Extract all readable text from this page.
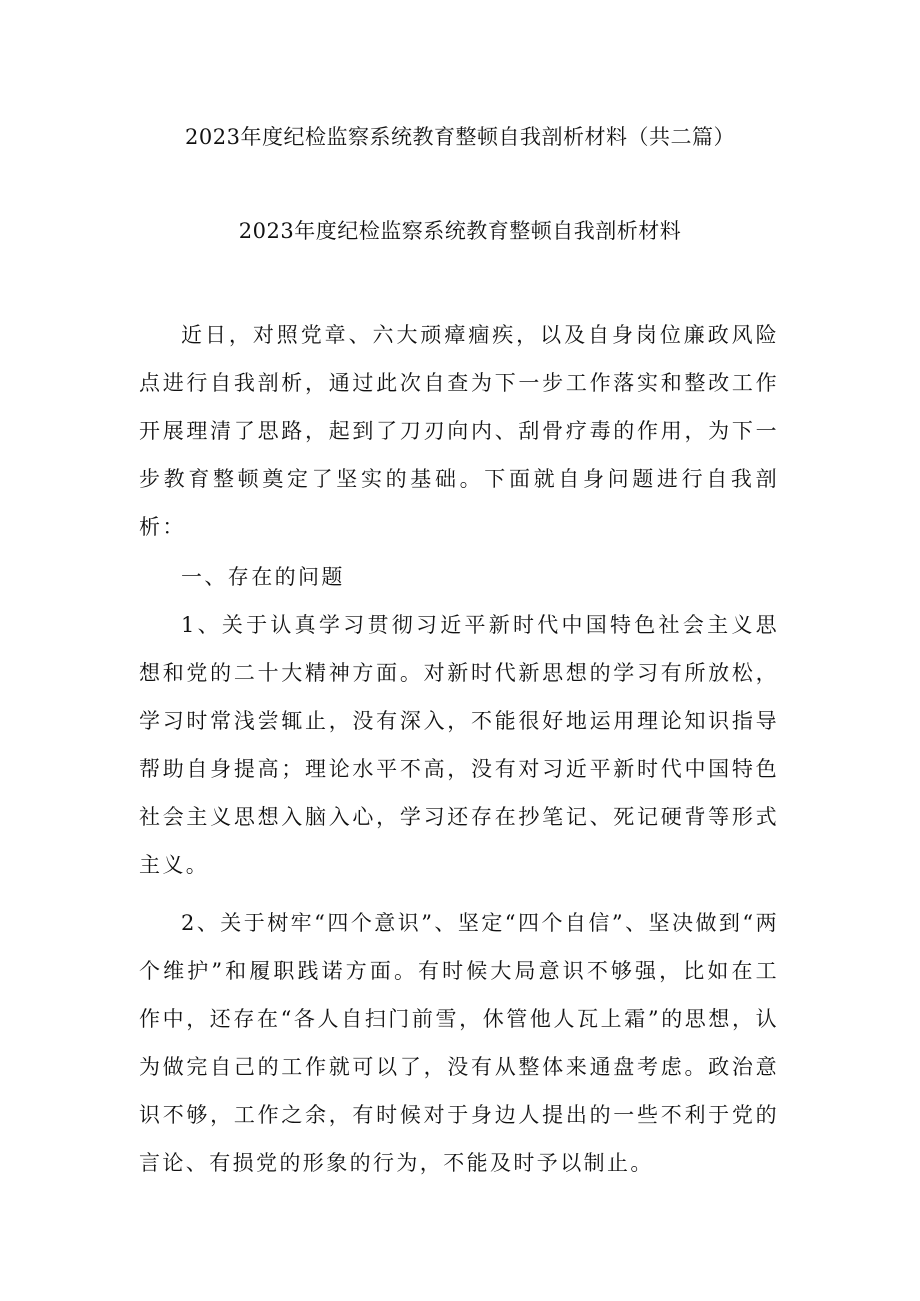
2023年度纪检监察系统教育整顿自我剖析材料（共二篇）
2023年度纪检监察系统教育整顿自我剖析材料

近日，对照党章、六大顽瘴痼疾，以及自身岗位廉政风险点进行自我剖析，通过此次自查为下一步工作落实和整改工作开展理清了思路，起到了刀刃向内、刮骨疗毒的作用，为下一步教育整顿奠定了坚实的基础。下面就自身问题进行自我剖析：

一、存在的问题

1、关于认真学习贯彻习近平新时代中国特色社会主义思想和党的二十大精神方面。对新时代新思想的学习有所放松，学习时常浅尝辄止，没有深入，不能很好地运用理论知识指导帮助自身提高；理论水平不高，没有对习近平新时代中国特色社会主义思想入脑入心，学习还存在抄笔记、死记硬背等形式主义。

2、关于树牢“四个意识”、坚定“四个自信”、坚决做到“两个维护”和履职践诺方面。有时候大局意识不够强，比如在工作中，还存在“各人自扫门前雪，休管他人瓦上霜”的思想，认为做完自己的工作就可以了，没有从整体来通盘考虑。政治意识不够，工作之余，有时候对于身边人提出的一些不利于党的言论、有损党的形象的行为，不能及时予以制止。
